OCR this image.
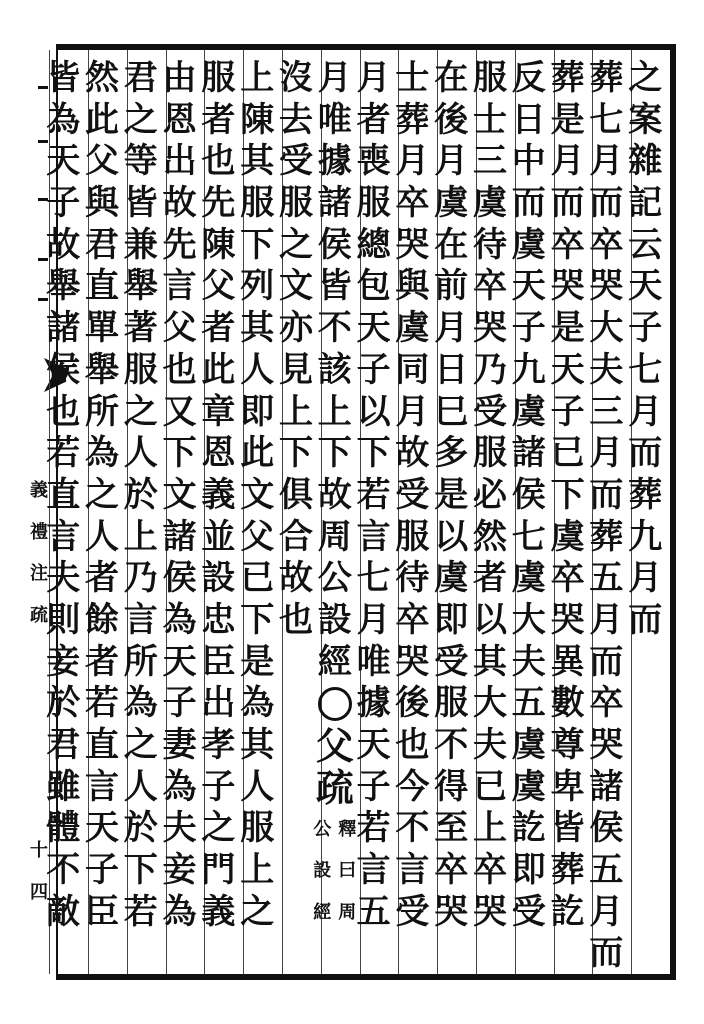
義
禮
注
疏
十
四
之
案
雜
記
云
天
子
七
月
而
葬
九
月
而
葬
七
月
而
卒
哭
大
夫
三
月
而
葬
五
月
而
卒
哭
諸
侯
五
月
而
葬
是
月
而
卒
哭
是
天
子
已
下
虞
卒
哭
異
數
尊
卑
皆
葬
訖
反
日
中
而
虞
天
子
九
虞
諸
侯
七
虞
大
夫
五
虞
虞
訖
即
受
服
士
三
虞
待
卒
哭
乃
受
服
必
然
者
以
其
大
夫
已
上
卒
哭
在
後
月
虞
在
前
月
日
巳
多
是
以
虞
即
受
服
不
得
至
卒
哭
士
葬
月
卒
哭
與
虞
同
月
故
受
服
待
卒
哭
後
也
今
不
言
受
月
者
喪
服
總
包
天
子
以
下
若
言
七
月
唯
據
天
子
若
言
五
月
唯
據
諸
侯
皆
不
該
上
下
故
周
公
設
經
父
疏
公
設
經
釋
曰
周
沒
去
受
服
之
文
亦
見
上
下
俱
合
故
也
上
陳
其
服
下
列
其
人
即
此
文
父
已
下
是
為
其
人
服
上
之
服
者
也
先
陳
父
者
此
章
恩
義
並
設
忠
臣
出
孝
子
之
門
義
由
恩
出
故
先
言
父
也
又
下
文
諸
侯
為
天
子
妻
為
夫
妾
為
君
之
等
皆
兼
舉
著
服
之
人
於
上
乃
言
所
為
之
人
於
下
若
然
此
父
與
君
直
單
舉
所
為
之
人
者
餘
者
若
直
言
天
子
臣
皆
為
天
子
故
舉
諸
侯
也
若
直
言
夫
則
妾
於
君
雖
體
不
敵
